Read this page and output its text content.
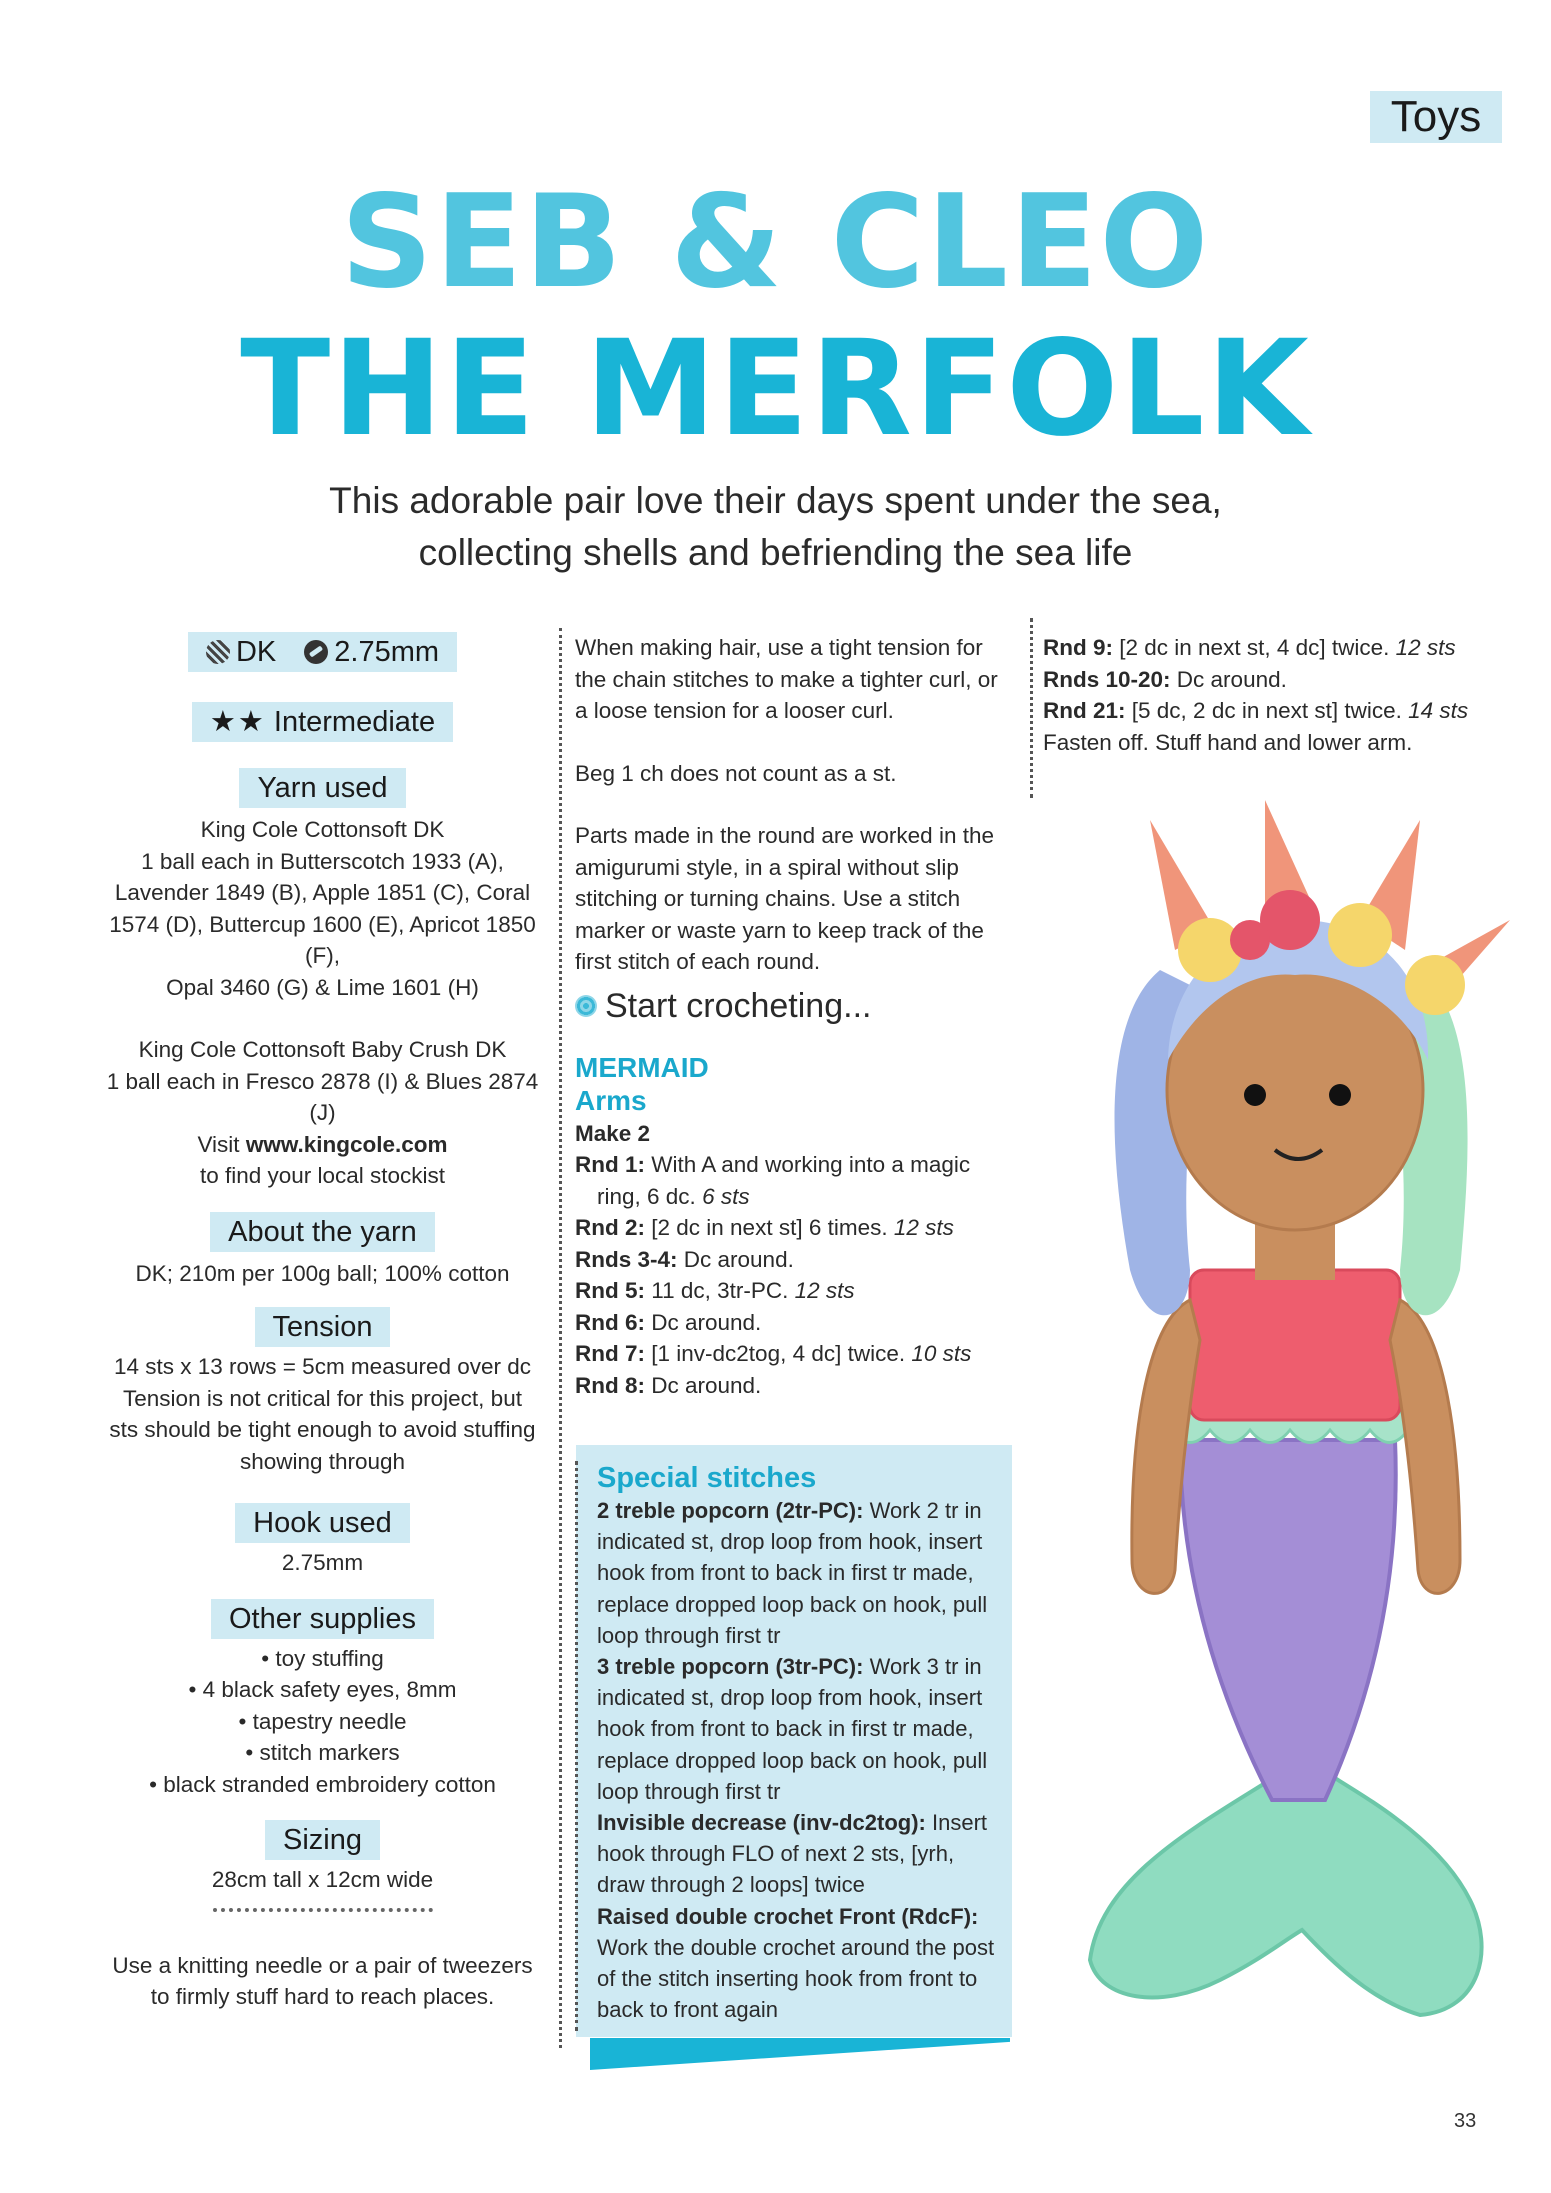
Toys
SEB & CLEO
THE MERFOLK
This adorable pair love their days spent under the sea,
collecting shells and befriending the sea life
DK 2.75mm
★★ Intermediate
Yarn used

King Cole Cottonsoft DK

1 ball each in Butterscotch 1933 (A),

Lavender 1849 (B), Apple 1851 (C), Coral

1574 (D), Buttercup 1600 (E), Apricot 1850 (F),

Opal 3460 (G) & Lime 1601 (H)

King Cole Cottonsoft Baby Crush DK

1 ball each in Fresco 2878 (I) & Blues 2874 (J)

Visit www.kingcole.com

to find your local stockist

About the yarn

DK; 210m per 100g ball; 100% cotton

Tension

14 sts x 13 rows = 5cm measured over dc

Tension is not critical for this project, but

sts should be tight enough to avoid stuffing

showing through

Hook used

2.75mm

Other supplies

• toy stuffing

• 4 black safety eyes, 8mm

• tapestry needle

• stitch markers

• black stranded embroidery cotton

Sizing

28cm tall x 12cm wide

Use a knitting needle or a pair of tweezers

to firmly stuff hard to reach places.

When making hair, use a tight tension for

the chain stitches to make a tighter curl, or

a loose tension for a looser curl.

Beg 1 ch does not count as a st.

Parts made in the round are worked in the

amigurumi style, in a spiral without slip

stitching or turning chains. Use a stitch

marker or waste yarn to keep track of the

first stitch of each round.

Start crocheting...
MERMAID
Arms
Make 2
Rnd 1: With A and working into a magic ring, 6 dc. 6 sts
Rnd 2: [2 dc in next st] 6 times. 12 sts
Rnds 3-4: Dc around.
Rnd 5: 11 dc, 3tr-PC. 12 sts
Rnd 6: Dc around.
Rnd 7: [1 inv-dc2tog, 4 dc] twice. 10 sts
Rnd 8: Dc around.
Special stitches
2 treble popcorn (2tr-PC): Work 2 tr in indicated st, drop loop from hook, insert hook from front to back in first tr made, replace dropped loop back on hook, pull loop through first tr
3 treble popcorn (3tr-PC): Work 3 tr in indicated st, drop loop from hook, insert hook from front to back in first tr made, replace dropped loop back on hook, pull loop through first tr
Invisible decrease (inv-dc2tog): Insert hook through FLO of next 2 sts, [yrh, draw through 2 loops] twice
Raised double crochet Front (RdcF): Work the double crochet around the post of the stitch inserting hook from front to back to front again
Rnd 9: [2 dc in next st, 4 dc] twice. 12 sts
Rnds 10-20: Dc around.
Rnd 21: [5 dc, 2 dc in next st] twice. 14 sts
Fasten off. Stuff hand and lower arm.
33
